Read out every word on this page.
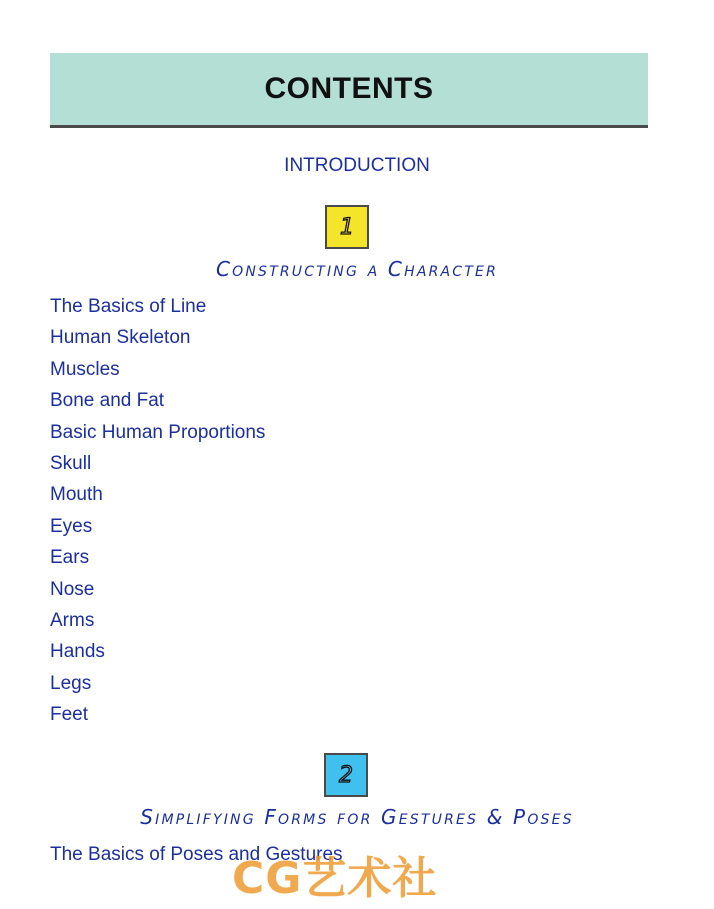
CONTENTS
INTRODUCTION
1
Constructing a Character
The Basics of Line
Human Skeleton
Muscles
Bone and Fat
Basic Human Proportions
Skull
Mouth
Eyes
Ears
Nose
Arms
Hands
Legs
Feet
2
Simplifying Forms for Gestures & Poses
The Basics of Poses and Gestures
CG艺术社
